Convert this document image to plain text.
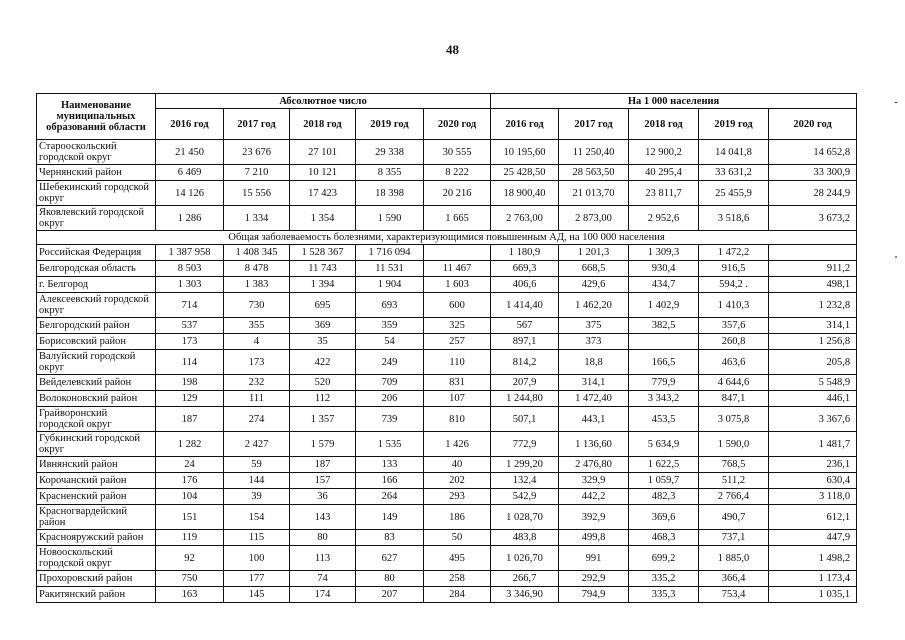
48
-
,
Наименование муниципальных образований области	Абсолютное число					На 1 000 населения				
	2016 год	2017 год	2018 год	2019 год	2020 год	2016 год	2017 год	2018 год	2019 год	2020 год
Старооскольский городской округ	21 450	23 676	27 101	29 338	30 555	10 195,60	11 250,40	12 900,2	14 041,8	14 652,8
Чернянский район	6 469	7 210	10 121	8 355	8 222	25 428,50	28 563,50	40 295,4	33 631,2	33 300,9
Шебекинский городской округ	14 126	15 556	17 423	18 398	20 216	18 900,40	21 013,70	23 811,7	25 455,9	28 244,9
Яковлевский городской округ	1 286	1 334	1 354	1 590	1 665	2 763,00	2 873,00	2 952,6	3 518,6	3 673,2
Общая заболеваемость болезнями, характеризующимися повышенным АД, на 100 000 населения										
Российская Федерация	1 387 958	1 408 345	1 528 367	1 716 094		1 180,9	1 201,3	1 309,3	1 472,2	
Белгородская область	8 503	8 478	11 743	11 531	11 467	669,3	668,5	930,4	916,5	911,2
г. Белгород	1 303	1 383	1 394	1 904	1 603	406,6	429,6	434,7	594,2 .	498,1
Алексеевский городской округ	714	730	695	693	600	1 414,40	1 462,20	1 402,9	1 410,3	1 232,8
Белгородский район	537	355	369	359	325	567	375	382,5	357,6	314,1
Борисовский район	173	4	35	54	257	897,1	373		260,8	1 256,8
Валуйский городской округ	114	173	422	249	110	814,2	18,8	166,5	463,6	205,8
Вейделевский район	198	232	520	709	831	207,9	314,1	779,9	4 644,6	5 548,9
Волоконовский район	129	111	112	206	107	1 244,80	1 472,40	3 343,2	847,1	446,1
Грайворонский городской округ	187	274	1 357	739	810	507,1	443,1	453,5	3 075,8	3 367,6
Губкинский городской округ	1 282	2 427	1 579	1 535	1 426	772,9	1 136,60	5 634,9	1 590,0	1 481,7
Ивнянский район	24	59	187	133	40	1 299,20	2 476,80	1 622,5	768,5	236,1
Корочанский район	176	144	157	166	202	132,4	329,9	1 059,7	511,2	630,4
Красненский район	104	39	36	264	293	542,9	442,2	482,3	2 766,4	3 118,0
Красногвардейский район	151	154	143	149	186	1 028,70	392,9	369,6	490,7	612,1
Краснояружский район	119	115	80	83	50	483,8	499,8	468,3	737,1	447,9
Новооскольский городской округ	92	100	113	627	495	1 026,70	991	699,2	1 885,0	1 498,2
Прохоровский район	750	177	74	80	258	266,7	292,9	335,2	366,4	1 173,4
Ракитянский район	163	145	174	207	284	3 346,90	794,9	335,3	753,4	1 035,1
